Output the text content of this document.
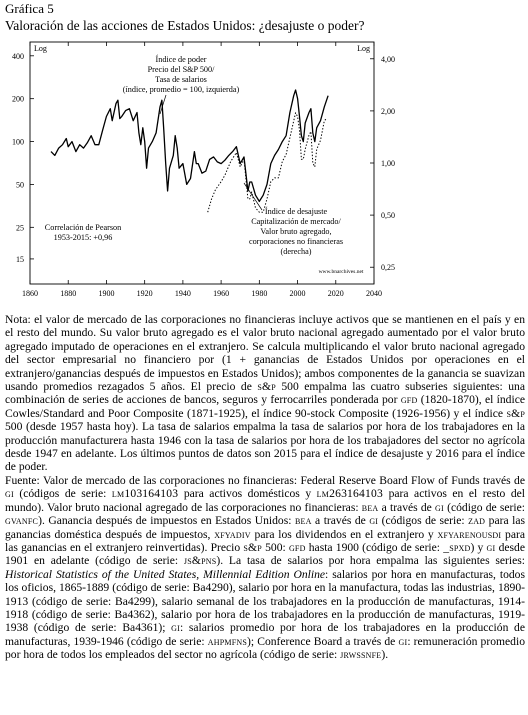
Gráfica 5
Valoración de las acciones de Estados Unidos: ¿desajuste o poder?
1860	1880	1900	1920	1940	1960	1980	2000	2020	2040
15
25
50
100
200
400
0,25
0,50
1,00
2,00
4,00
Log	Log
Índice de poder
Precio del S&P 500/
Tasa de salarios
(índice, promedio = 100, izquierda)
Índice de desajuste
Capitalización de mercado/
Valor bruto agregado,
corporaciones no financieras
(derecha)
Correlación de Pearson
1953-2015: +0,96
www.bnarchives.net

Nota: el valor de mercado de las corporaciones no financieras incluye activos que se mantienen en el país y en el resto del mundo. Su valor bruto agregado es el valor bruto nacional agregado aumentado por el valor bruto agregado imputado de operaciones en el extranjero. Se calcula multiplicando el valor bruto nacional agregado del sector empresarial no financiero por (1 + ganancias de Estados Unidos por operaciones en el extranjero/ganancias después de impuestos en Estados Unidos); ambos componentes de la ganancia se suavizan usando promedios rezagados 5 años. El precio de s&p 500 empalma las cuatro subseries siguientes: una combinación de series de acciones de bancos, seguros y ferrocarriles ponderada por gfd (1820-1870), el índice Cowles/Standard and Poor Composite (1871-1925), el índice 90-stock Composite (1926-1956) y el índice s&p 500 (desde 1957 hasta hoy). La tasa de salarios empalma la tasa de salarios por hora de los trabajadores en la producción manufacturera hasta 1946 con la tasa de salarios por hora de los trabajadores del sector no agrícola desde 1947 en adelante. Los últimos puntos de datos son 2015 para el índice de desajuste y 2016 para el índice de poder.

Fuente: Valor de mercado de las corporaciones no financieras: Federal Reserve Board Flow of Funds través de gi (códigos de serie: lm103164103 para activos domésticos y lm263164103 para activos en el resto del mundo). Valor bruto nacional agregado de las corporaciones no financieras: bea a través de gi (código de serie: gvanfc). Ganancia después de impuestos en Estados Unidos: bea a través de gi (códigos de serie: zad para las ganancias doméstica después de impuestos, xfyadiv para los dividendos en el extranjero y xfyarenousdi para las ganancias en el extranjero reinvertidas). Precio s&p 500: gfd hasta 1900 (código de serie: _spxd) y gi desde 1901 en adelante (código de serie: js&pns). La tasa de salarios por hora empalma las siguientes series: Historical Statistics of the United States, Millennial Edition Online: salarios por hora en manufacturas, todos los oficios, 1865-1889 (código de serie: Ba4290), salario por hora en la manufactura, todas las industrias, 1890-1913 (código de serie: Ba4299), salario semanal de los trabajadores en la producción de manufacturas, 1914-1918 (código de serie: Ba4362), salario por hora de los trabajadores en la producción de manufacturas, 1919-1938 (código de serie: Ba4361); gi: salarios promedio por hora de los trabajadores en la producción de manufacturas, 1939-1946 (código de serie: ahpmfns); Conference Board a través de gi: remuneración promedio por hora de todos los empleados del sector no agrícola (código de serie: jrwssnfe).
